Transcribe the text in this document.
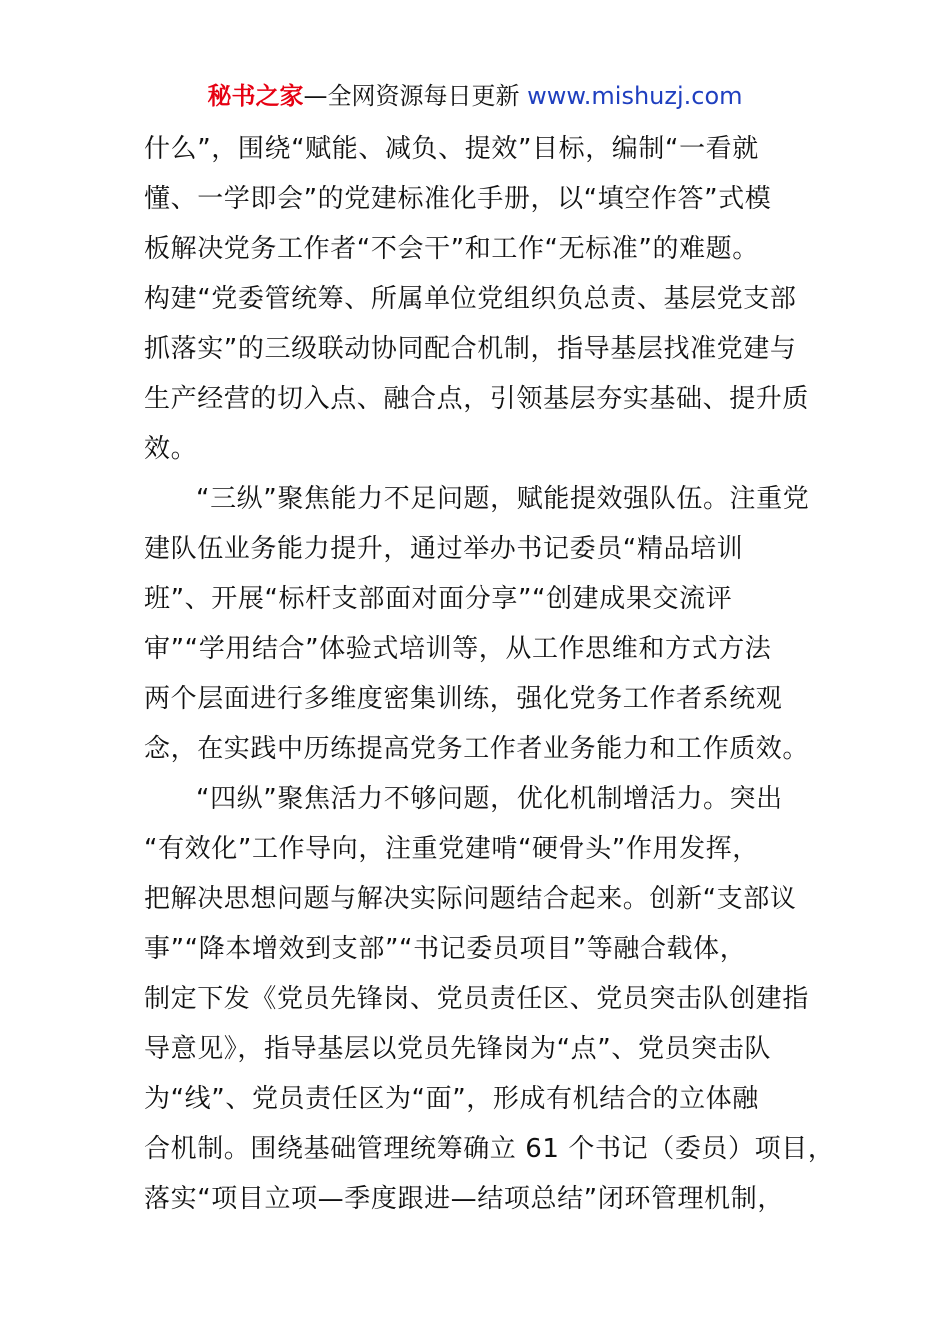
秘书之家—全网资源每日更新 www.mishuzj.com
什么”，围绕“赋能、减负、提效”目标，编制“一看就
懂、一学即会”的党建标准化手册，以“填空作答”式模
板解决党务工作者“不会干”和工作“无标准”的难题。
构建“党委管统筹、所属单位党组织负总责、基层党支部
抓落实”的三级联动协同配合机制，指导基层找准党建与
生产经营的切入点、融合点，引领基层夯实基础、提升质
效。
“三纵”聚焦能力不足问题，赋能提效强队伍。注重党
建队伍业务能力提升，通过举办书记委员“精品培训
班”、开展“标杆支部面对面分享”“创建成果交流评
审”“学用结合”体验式培训等，从工作思维和方式方法
两个层面进行多维度密集训练，强化党务工作者系统观
念，在实践中历练提高党务工作者业务能力和工作质效。
“四纵”聚焦活力不够问题，优化机制增活力。突出
“有效化”工作导向，注重党建啃“硬骨头”作用发挥，
把解决思想问题与解决实际问题结合起来。创新“支部议
事”“降本增效到支部”“书记委员项目”等融合载体，
制定下发《党员先锋岗、党员责任区、党员突击队创建指
导意见》，指导基层以党员先锋岗为“点”、党员突击队
为“线”、党员责任区为“面”，形成有机结合的立体融
合机制。围绕基础管理统筹确立 61 个书记（委员）项目，
落实“项目立项—季度跟进—结项总结”闭环管理机制，
